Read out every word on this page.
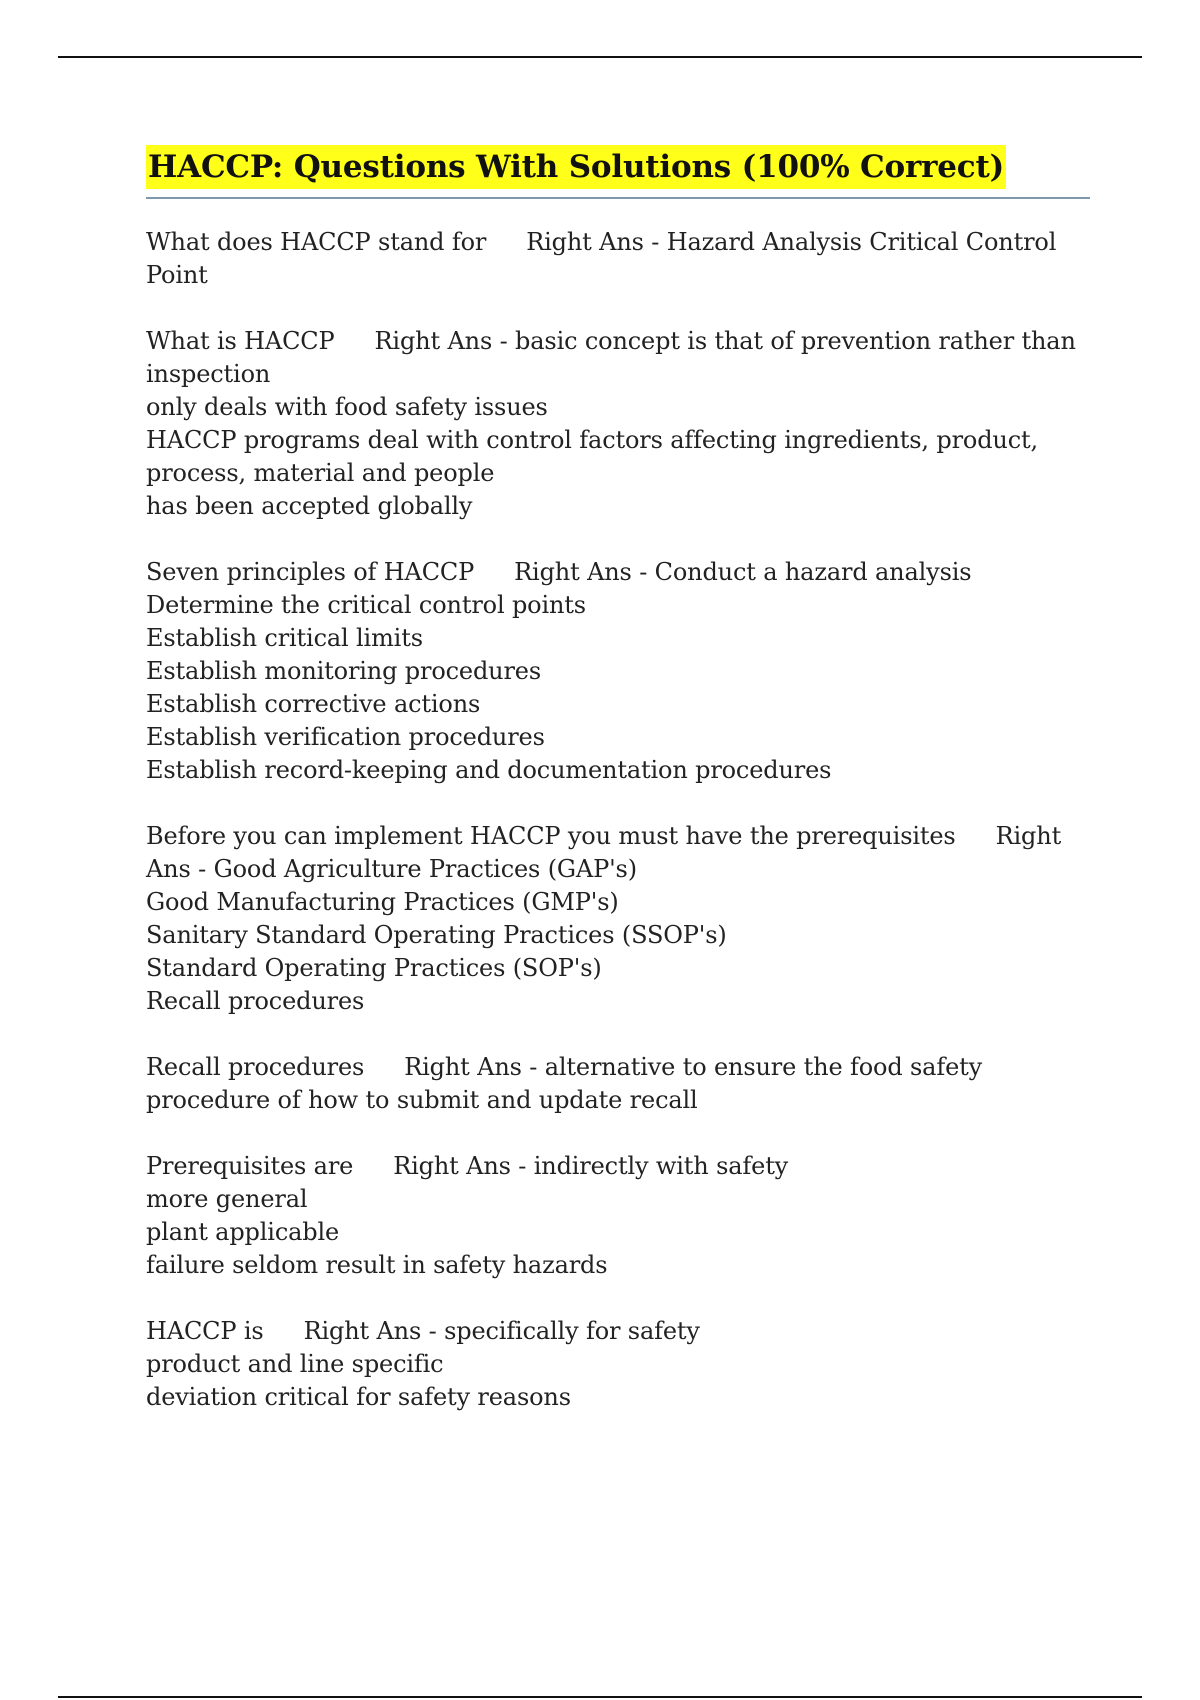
HACCP: Questions With Solutions (100% Correct)
What does HACCP stand for Right Ans - Hazard Analysis Critical Control Point
What is HACCP Right Ans - basic concept is that of prevention rather than inspection
only deals with food safety issues
HACCP programs deal with control factors affecting ingredients, product, process, material and people
has been accepted globally
Seven principles of HACCP Right Ans - Conduct a hazard analysis
Determine the critical control points
Establish critical limits
Establish monitoring procedures
Establish corrective actions
Establish verification procedures
Establish record-keeping and documentation procedures
Before you can implement HACCP you must have the prerequisites Right Ans - Good Agriculture Practices (GAP's)
Good Manufacturing Practices (GMP's)
Sanitary Standard Operating Practices (SSOP's)
Standard Operating Practices (SOP's)
Recall procedures
Recall procedures Right Ans - alternative to ensure the food safety procedure of how to submit and update recall
Prerequisites are Right Ans - indirectly with safety
more general
plant applicable
failure seldom result in safety hazards
HACCP is Right Ans - specifically for safety
product and line specific
deviation critical for safety reasons
